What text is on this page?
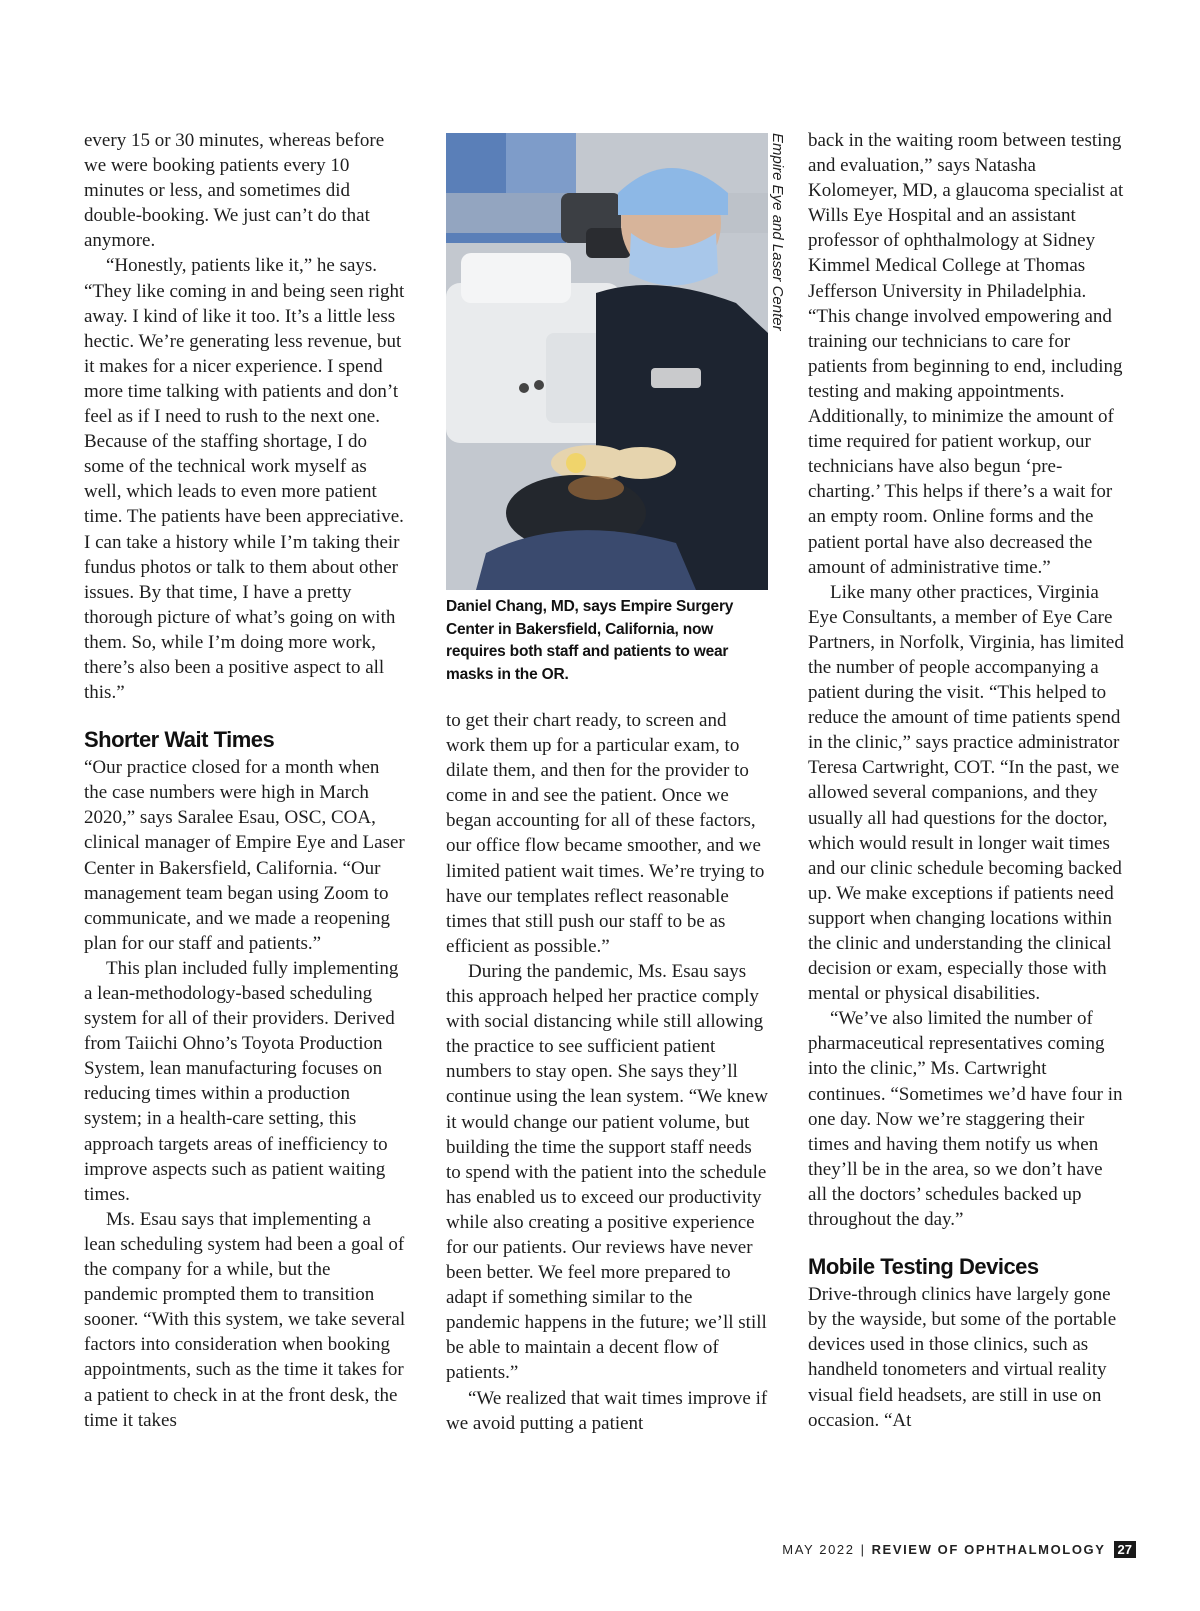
every 15 or 30 minutes, whereas before we were booking patients every 10 minutes or less, and sometimes did double-booking. We just can’t do that anymore.

“Honestly, patients like it,” he says. “They like coming in and being seen right away. I kind of like it too. It’s a little less hectic. We’re generating less revenue, but it makes for a nicer experience. I spend more time talking with patients and don’t feel as if I need to rush to the next one. Because of the staffing shortage, I do some of the technical work myself as well, which leads to even more patient time. The patients have been appreciative. I can take a history while I’m taking their fundus photos or talk to them about other issues. By that time, I have a pretty thorough picture of what’s going on with them. So, while I’m doing more work, there’s also been a positive aspect to all this.”

Shorter Wait Times

“Our practice closed for a month when the case numbers were high in March 2020,” says Saralee Esau, OSC, COA, clinical manager of Empire Eye and Laser Center in Bakersfield, California. “Our management team began using Zoom to communicate, and we made a reopening plan for our staff and patients.”

This plan included fully implementing a lean-methodology-based scheduling system for all of their providers. Derived from Taiichi Ohno’s Toyota Production System, lean manufacturing focuses on reducing times within a production system; in a health-care setting, this approach targets areas of inefficiency to improve aspects such as patient waiting times.

Ms. Esau says that implementing a lean scheduling system had been a goal of the company for a while, but the pandemic prompted them to transition sooner. “With this system, we take several factors into consideration when booking appointments, such as the time it takes for a patient to check in at the front desk, the time it takes

Daniel Chang, MD, says Empire Surgery Center in Bakersfield, California, now requires both staff and patients to wear masks in the OR.

to get their chart ready, to screen and work them up for a particular exam, to dilate them, and then for the provider to come in and see the patient. Once we began accounting for all of these factors, our office flow became smoother, and we limited patient wait times. We’re trying to have our templates reflect reasonable times that still push our staff to be as efficient as possible.”

During the pandemic, Ms. Esau says this approach helped her practice comply with social distancing while still allowing the practice to see sufficient patient numbers to stay open. She says they’ll continue using the lean system. “We knew it would change our patient volume, but building the time the support staff needs to spend with the patient into the schedule has enabled us to exceed our productivity while also creating a positive experience for our patients. Our reviews have never been better. We feel more prepared to adapt if something similar to the pandemic happens in the future; we’ll still be able to maintain a decent flow of patients.”

“We realized that wait times improve if we avoid putting a patient

Empire Eye and Laser Center back in the waiting room between testing and evaluation,” says Natasha Kolomeyer, MD, a glaucoma specialist at Wills Eye Hospital and an assistant professor of ophthalmology at Sidney Kimmel Medical College at Thomas Jefferson University in Philadelphia. “This change involved empowering and training our technicians to care for patients from beginning to end, including testing and making appointments. Additionally, to minimize the amount of time required for patient workup, our technicians have also begun ‘pre-charting.’ This helps if there’s a wait for an empty room. Online forms and the patient portal have also decreased the amount of administrative time.”

Like many other practices, Virginia Eye Consultants, a member of Eye Care Partners, in Norfolk, Virginia, has limited the number of people accompanying a patient during the visit. “This helped to reduce the amount of time patients spend in the clinic,” says practice administrator Teresa Cartwright, COT. “In the past, we allowed several companions, and they usually all had questions for the doctor, which would result in longer wait times and our clinic schedule becoming backed up. We make exceptions if patients need support when changing locations within the clinic and understanding the clinical decision or exam, especially those with mental or physical disabilities.

“We’ve also limited the number of pharmaceutical representatives coming into the clinic,” Ms. Cartwright continues. “Sometimes we’d have four in one day. Now we’re staggering their times and having them notify us when they’ll be in the area, so we don’t have all the doctors’ schedules backed up throughout the day.”

Mobile Testing Devices

Drive-through clinics have largely gone by the wayside, but some of the portable devices used in those clinics, such as handheld tonometers and virtual reality visual field headsets, are still in use on occasion. “At

MAY 2022 | REVIEW OF OPHTHALMOLOGY 27
